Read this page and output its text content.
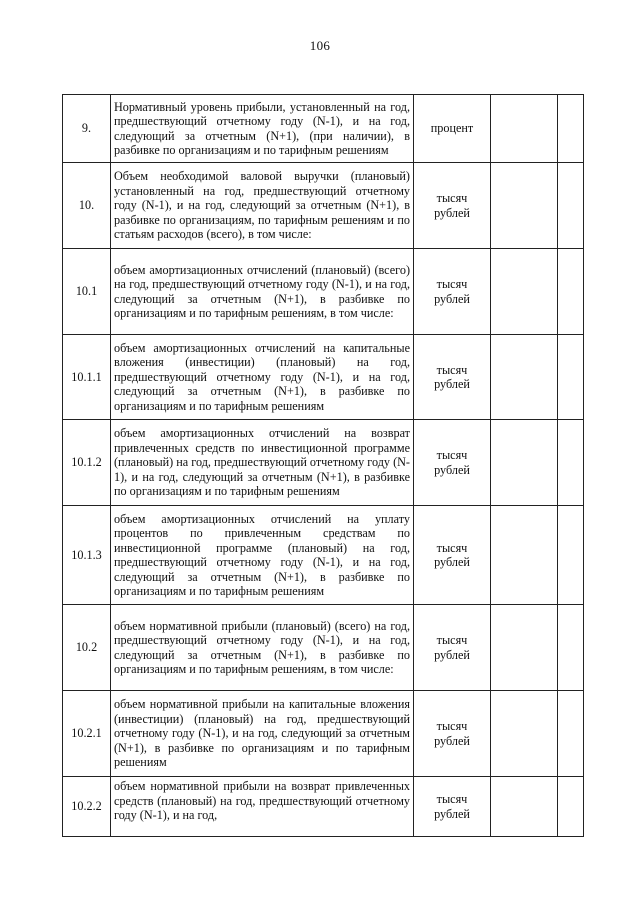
106
9.	Нормативный уровень прибыли, установленный на год, предшествующий отчетному году (N-1), и на год, следующий за отчетным (N+1), (при наличии), в разбивке по организациям и по тарифным решениям	процент		
10.	Объем необходимой валовой выручки (плановый) установленный на год, предшествующий отчетному году (N-1), и на год, следующий за отчетным (N+1), в разбивке по организациям, по тарифным решениям и по статьям расходов (всего), в том числе:	тысяч рублей		
10.1	объем амортизационных отчислений (плановый) (всего) на год, предшествующий отчетному году (N-1), и на год, следующий за отчетным (N+1), в разбивке по организациям и по тарифным решениям, в том числе:	тысяч рублей		
10.1.1	объем амортизационных отчислений на капитальные вложения (инвестиции) (плановый) на год, предшествующий отчетному году (N-1), и на год, следующий за отчетным (N+1), в разбивке по организациям и по тарифным решениям	тысяч рублей		
10.1.2	объем амортизационных отчислений на возврат привлеченных средств по инвестиционной программе (плановый) на год, предшествующий отчетному году (N-1), и на год, следующий за отчетным (N+1), в разбивке по организациям и по тарифным решениям	тысяч рублей		
10.1.3	объем амортизационных отчислений на уплату процентов по привлеченным средствам по инвестиционной программе (плановый) на год, предшествующий отчетному году (N-1), и на год, следующий за отчетным (N+1), в разбивке по организациям и по тарифным решениям	тысяч рублей		
10.2	объем нормативной прибыли (плановый) (всего) на год, предшествующий отчетному году (N-1), и на год, следующий за отчетным (N+1), в разбивке по организациям и по тарифным решениям, в том числе:	тысяч рублей		
10.2.1	объем нормативной прибыли на капитальные вложения (инвестиции) (плановый) на год, предшествующий отчетному году (N-1), и на год, следующий за отчетным (N+1), в разбивке по организациям и по тарифным решениям	тысяч рублей		
10.2.2	объем нормативной прибыли на возврат привлеченных средств (плановый) на год, предшествующий отчетному году (N-1), и на год,	тысяч рублей		
